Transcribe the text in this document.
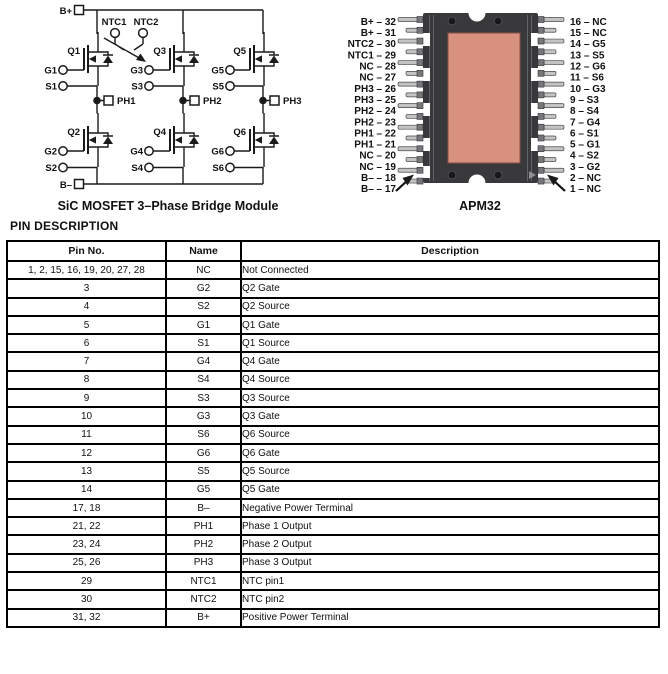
B+
B–
NTC1 NTC2
Q1	Q3	Q5
Q2	Q4	Q6
G1
S1
G2
S2
G3
S3
G4
S4
G5
S5
G6
S6
PH1	PH2	PH3
SiC MOSFET 3–Phase Bridge Module
B+ – 32
B+ – 31
NTC2 – 30
NTC1 – 29
NC – 28
NC – 27
PH3 – 26
PH3 – 25
PH2 – 24
PH2 – 23
PH1 – 22
PH1 – 21
NC – 20
NC – 19
B– – 18
B– – 17
16 – NC
15 – NC
14 – G5
13 – S5
12 – G6
11 – S6
10 – G3
9 – S3
8 – S4
7 – G4
6 – S1
5 – G1
4 – S2
3 – G2
2 – NC
1 – NC
APM32
PIN DESCRIPTION
Pin No.	Name	Description
1, 2, 15, 16, 19, 20, 27, 28	NC	Not Connected
3	G2	Q2 Gate
4	S2	Q2 Source
5	G1	Q1 Gate
6	S1	Q1 Source
7	G4	Q4 Gate
8	S4	Q4 Source
9	S3	Q3 Source
10	G3	Q3 Gate
11	S6	Q6 Source
12	G6	Q6 Gate
13	S5	Q5 Source
14	G5	Q5 Gate
17, 18	B–	Negative Power Terminal
21, 22	PH1	Phase 1 Output
23, 24	PH2	Phase 2 Output
25, 26	PH3	Phase 3 Output
29	NTC1	NTC pin1
30	NTC2	NTC pin2
31, 32	B+	Positive Power Terminal
